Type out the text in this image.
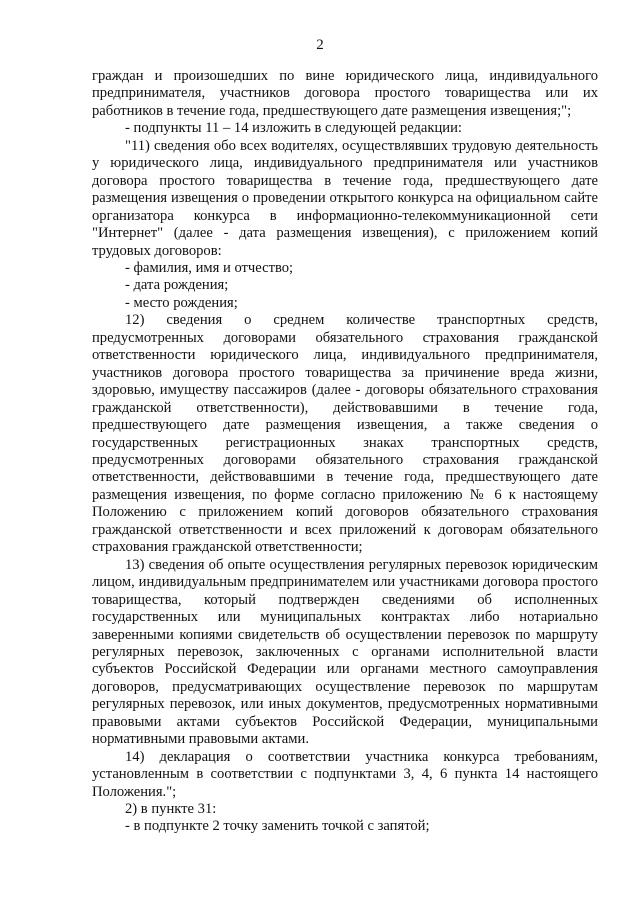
2

граждан и произошедших по вине юридического лица, индивидуального предпринимателя, участников договора простого товарищества или их работников в течение года, предшествующего дате размещения извещения;";

- подпункты 11 – 14 изложить в следующей редакции:

"11) сведения обо всех водителях, осуществлявших трудовую деятельность у юридического лица, индивидуального предпринимателя или участников договора простого товарищества в течение года, предшествующего дате размещения извещения о проведении открытого конкурса на официальном сайте организатора конкурса в информационно-телекоммуникационной сети "Интернет" (далее - дата размещения извещения), с приложением копий трудовых договоров:

- фамилия, имя и отчество;

- дата рождения;

- место рождения;

12) сведения о среднем количестве транспортных средств, предусмотренных договорами обязательного страхования гражданской ответственности юридического лица, индивидуального предпринимателя, участников договора простого товарищества за причинение вреда жизни, здоровью, имуществу пассажиров (далее - договоры обязательного страхования гражданской ответственности), действовавшими в течение года, предшествующего дате размещения извещения, а также сведения о государственных регистрационных знаках транспортных средств, предусмотренных договорами обязательного страхования гражданской ответственности, действовавшими в течение года, предшествующего дате размещения извещения, по форме согласно приложению № 6 к настоящему Положению с приложением копий договоров обязательного страхования гражданской ответственности и всех приложений к договорам обязательного страхования гражданской ответственности;

13) сведения об опыте осуществления регулярных перевозок юридическим лицом, индивидуальным предпринимателем или участниками договора простого товарищества, который подтвержден сведениями об исполненных государственных или муниципальных контрактах либо нотариально заверенными копиями свидетельств об осуществлении перевозок по маршруту регулярных перевозок, заключенных с органами исполнительной власти субъектов Российской Федерации или органами местного самоуправления договоров, предусматривающих осуществление перевозок по маршрутам регулярных перевозок, или иных документов, предусмотренных нормативными правовыми актами субъектов Российской Федерации, муниципальными нормативными правовыми актами.

14) декларация о соответствии участника конкурса требованиям, установленным в соответствии с подпунктами 3, 4, 6 пункта 14 настоящего Положения.";

2) в пункте 31:

- в подпункте 2 точку заменить точкой с запятой;
